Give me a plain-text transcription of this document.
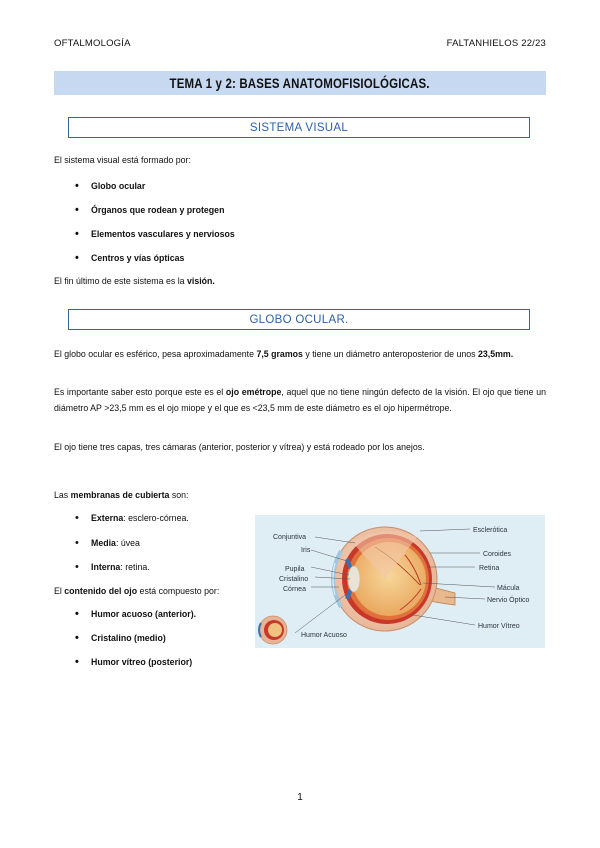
OFTALMOLOGÍA	FALTANHIELOS 22/23
TEMA 1 y 2: BASES ANATOMOFISIOLÓGICAS.
SISTEMA VISUAL
El sistema visual está formado por:
• Globo ocular
• Órganos que rodean y protegen
• Elementos vasculares y nerviosos
• Centros y vías ópticas
El fin último de este sistema es la visión.
GLOBO OCULAR.
El globo ocular es esférico, pesa aproximadamente 7,5 gramos y tiene un diámetro anteroposterior de unos 23,5mm.
Es importante saber esto porque este es el ojo emétrope, aquel que no tiene ningún defecto de la visión. El ojo que tiene un diámetro AP >23,5 mm es el ojo miope y el que es <23,5 mm de este diámetro es el ojo hipermétrope.
El ojo tiene tres capas, tres cámaras (anterior, posterior y vítrea) y está rodeado por los anejos.
Las membranas de cubierta son:
• Externa: esclero-córnea.
• Media: úvea
• Interna: retina.
El contenido del ojo está compuesto por:
• Humor acuoso (anterior).
• Cristalino (medio)
• Humor vítreo (posterior)
Conjuntiva
Iris
Pupila
Cristalino
Córnea
Humor Acuoso
Esclerótica
Coroides
Retina
Mácula
Nervio Óptico
Humor Vítreo
1
